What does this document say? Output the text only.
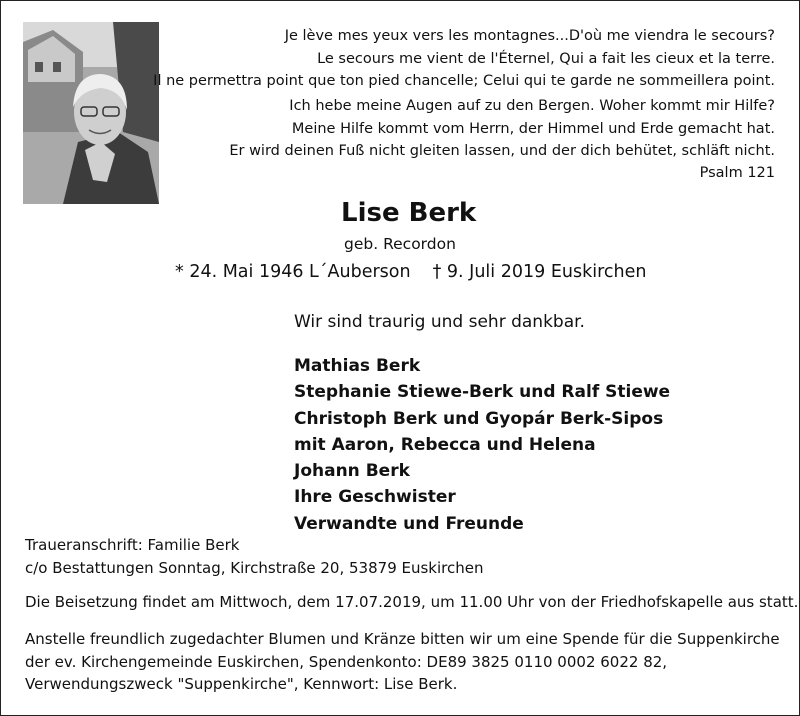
Je lève mes yeux vers les montagnes...D'où me viendra le secours?
Le secours me vient de l'Éternel, Qui a fait les cieux et la terre.
Il ne permettra point que ton pied chancelle; Celui qui te garde ne sommeillera point.
Ich hebe meine Augen auf zu den Bergen. Woher kommt mir Hilfe?
Meine Hilfe kommt vom Herrn, der Himmel und Erde gemacht hat.
Er wird deinen Fuß nicht gleiten lassen, und der dich behütet, schläft nicht.
Psalm 121
Lise Berk
geb. Recordon
* 24. Mai 1946 L´Auberson † 9. Juli 2019 Euskirchen
Wir sind traurig und sehr dankbar.
Mathias Berk
Stephanie Stiewe-Berk und Ralf Stiewe
Christoph Berk und Gyopár Berk-Sipos
mit Aaron, Rebecca und Helena
Johann Berk
Ihre Geschwister
Verwandte und Freunde
Traueranschrift: Familie Berk
c/o Bestattungen Sonntag, Kirchstraße 20, 53879 Euskirchen
Die Beisetzung findet am Mittwoch, dem 17.07.2019, um 11.00 Uhr von der Friedhofskapelle aus statt.
Anstelle freundlich zugedachter Blumen und Kränze bitten wir um eine Spende für die Suppenkirche
der ev. Kirchengemeinde Euskirchen, Spendenkonto: DE89 3825 0110 0002 6022 82,
Verwendungszweck "Suppenkirche", Kennwort: Lise Berk.
